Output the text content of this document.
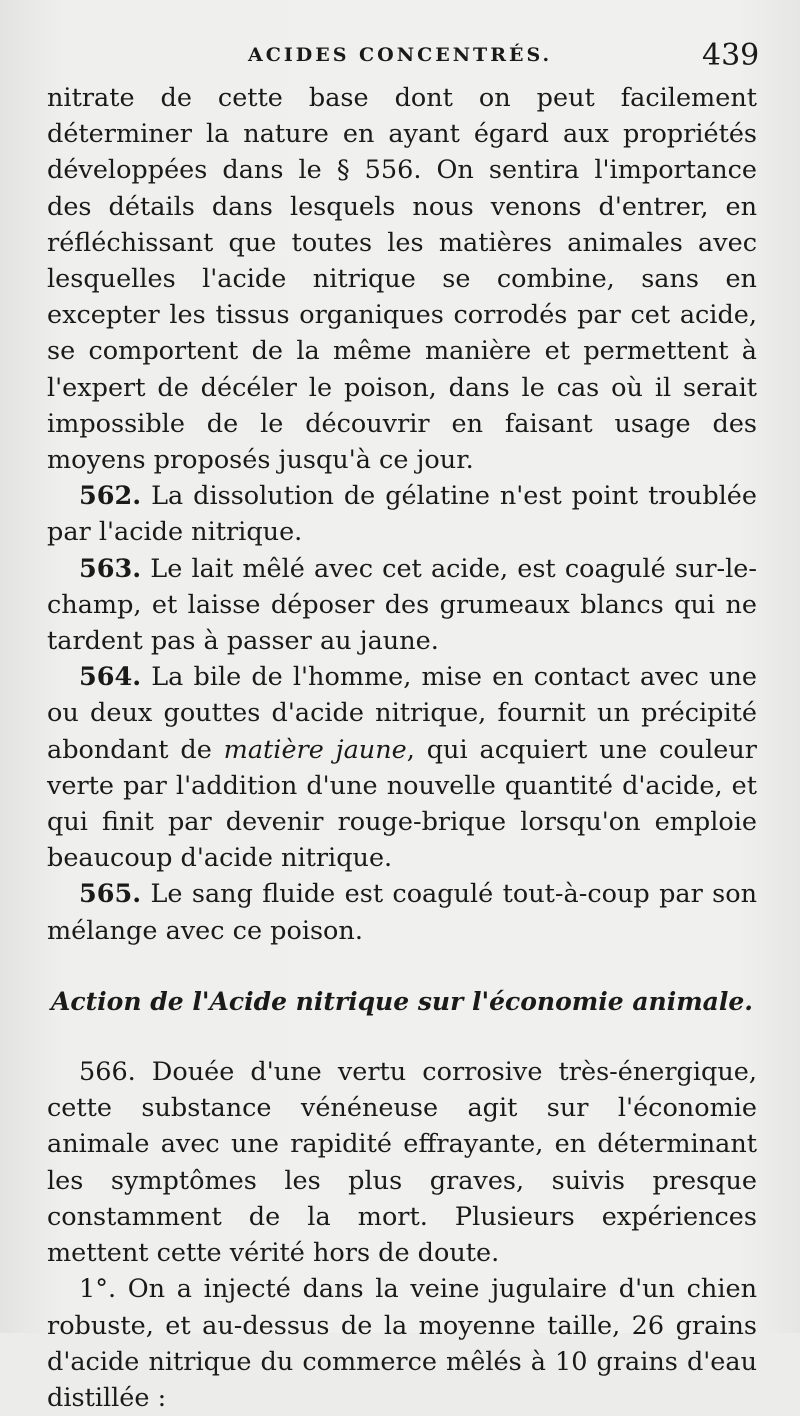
ACIDES CONCENTRÉS.	439

nitrate de cette base dont on peut facilement déterminer la nature en ayant égard aux propriétés développées dans le § 556. On sentira l'importance des détails dans lesquels nous venons d'entrer, en réfléchissant que toutes les matières animales avec lesquelles l'acide nitrique se combine, sans en excepter les tissus organiques corrodés par cet acide, se comportent de la même manière et permettent à l'expert de décéler le poison, dans le cas où il serait impossible de le découvrir en faisant usage des moyens proposés jusqu'à ce jour.

562. La dissolution de gélatine n'est point troublée par l'acide nitrique.

563. Le lait mêlé avec cet acide, est coagulé sur-le-champ, et laisse déposer des grumeaux blancs qui ne tardent pas à passer au jaune.

564. La bile de l'homme, mise en contact avec une ou deux gouttes d'acide nitrique, fournit un précipité abondant de matière jaune, qui acquiert une couleur verte par l'addition d'une nouvelle quantité d'acide, et qui finit par devenir rouge-brique lorsqu'on emploie beaucoup d'acide nitrique.

565. Le sang fluide est coagulé tout-à-coup par son mélange avec ce poison.

Action de l'Acide nitrique sur l'économie animale.

566. Douée d'une vertu corrosive très-énergique, cette substance vénéneuse agit sur l'économie animale avec une rapidité effrayante, en déterminant les symptômes les plus graves, suivis presque constamment de la mort. Plusieurs expériences mettent cette vérité hors de doute.

1°. On a injecté dans la veine jugulaire d'un chien robuste, et au-dessus de la moyenne taille, 26 grains d'acide nitrique du commerce mêlés à 10 grains d'eau distillée :
